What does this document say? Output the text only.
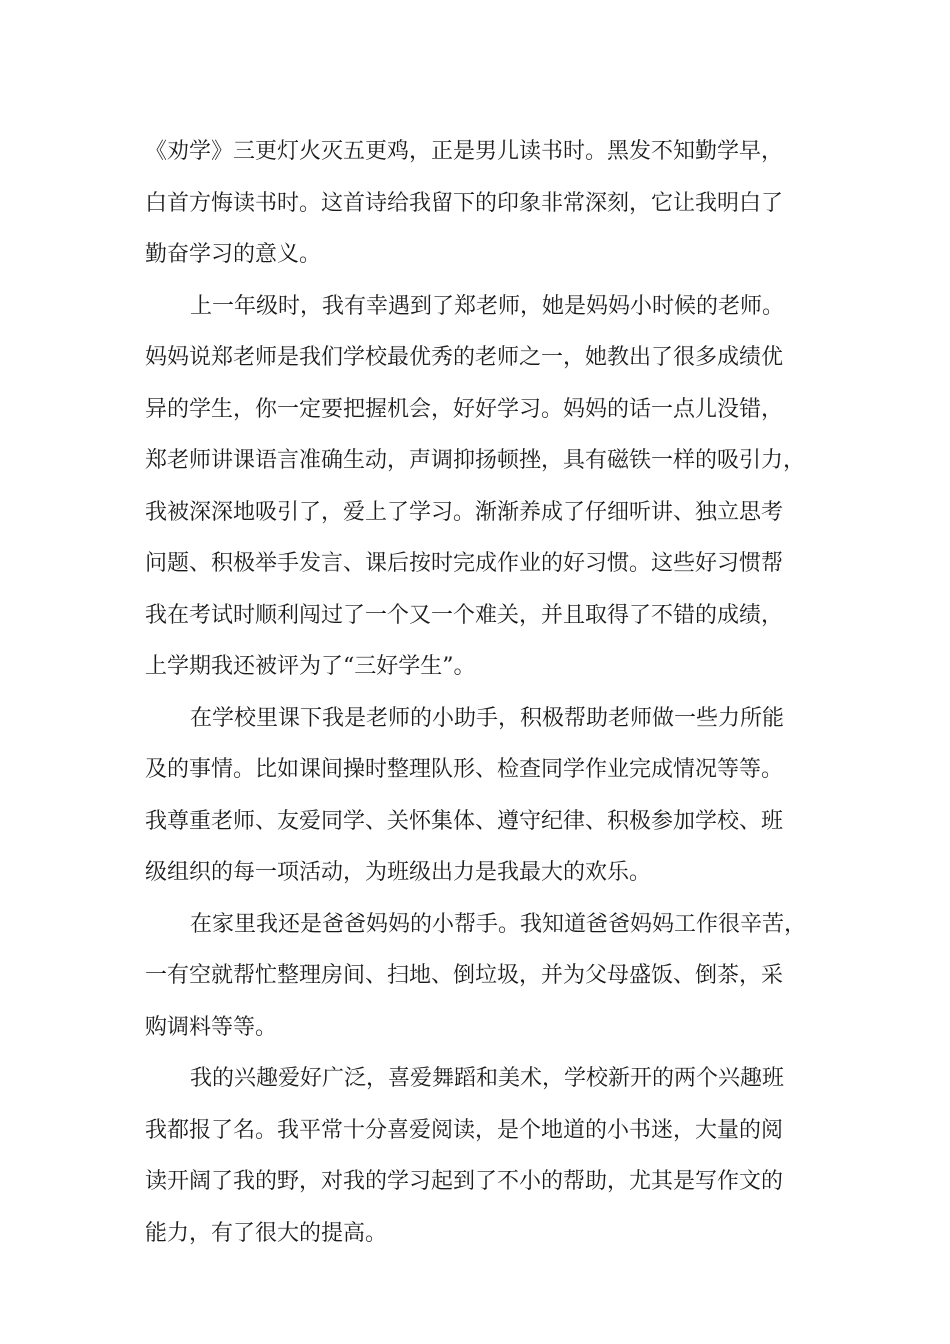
《劝学》三更灯火灭五更鸡，正是男儿读书时。黑发不知勤学早，
白首方悔读书时。这首诗给我留下的印象非常深刻，它让我明白了
勤奋学习的意义。
上一年级时，我有幸遇到了郑老师，她是妈妈小时候的老师。
妈妈说郑老师是我们学校最优秀的老师之一，她教出了很多成绩优
异的学生，你一定要把握机会，好好学习。妈妈的话一点儿没错，
郑老师讲课语言准确生动，声调抑扬顿挫，具有磁铁一样的吸引力，
我被深深地吸引了，爱上了学习。渐渐养成了仔细听讲、独立思考
问题、积极举手发言、课后按时完成作业的好习惯。这些好习惯帮
我在考试时顺利闯过了一个又一个难关，并且取得了不错的成绩，
上学期我还被评为了“三好学生”。
在学校里课下我是老师的小助手，积极帮助老师做一些力所能
及的事情。比如课间操时整理队形、检查同学作业完成情况等等。
我尊重老师、友爱同学、关怀集体、遵守纪律、积极参加学校、班
级组织的每一项活动，为班级出力是我最大的欢乐。
在家里我还是爸爸妈妈的小帮手。我知道爸爸妈妈工作很辛苦，
一有空就帮忙整理房间、扫地、倒垃圾，并为父母盛饭、倒茶，采
购调料等等。
我的兴趣爱好广泛，喜爱舞蹈和美术，学校新开的两个兴趣班
我都报了名。我平常十分喜爱阅读，是个地道的小书迷，大量的阅
读开阔了我的野，对我的学习起到了不小的帮助，尤其是写作文的
能力，有了很大的提高。
